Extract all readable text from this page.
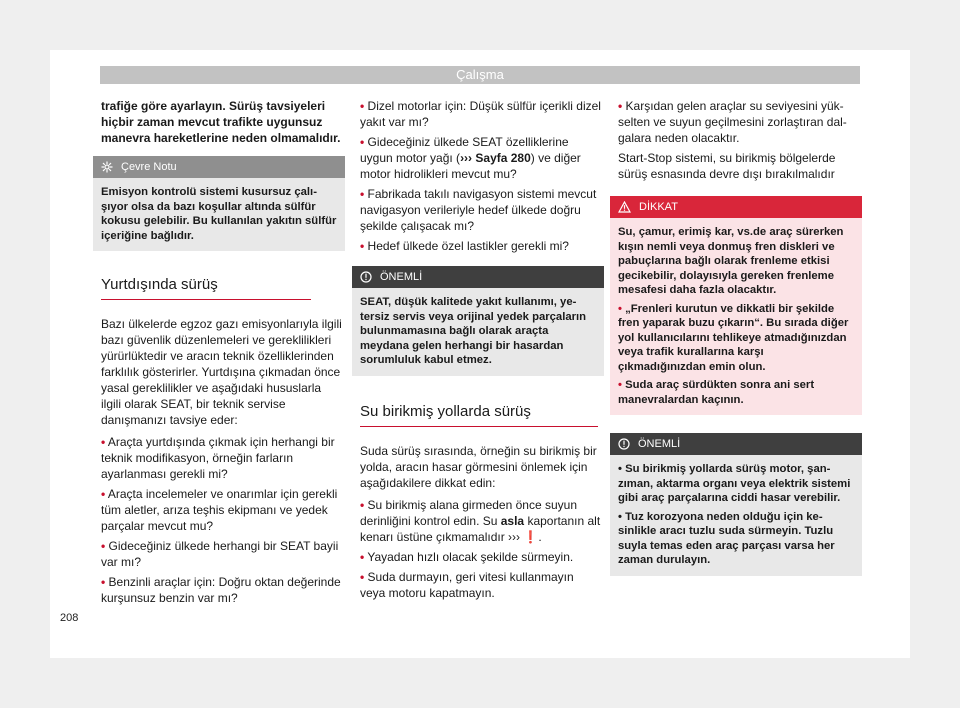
Çalışma

trafiğe göre ayarlayın. Sürüş tavsiyeleri hiçbir zaman mevcut trafikte uygunsuz manevra hareketlerine neden olmamalıdır.

Çevre Notu
Emisyon kontrolü sistemi kusursuz çalışıyor olsa da bazı koşullar altında sülfür kokusu gelebilir. Bu kullanılan yakıtın sülfür içeriğine bağlıdır.
Yurtdışında sürüş

Bazı ülkelerde egzoz gazı emisyonlarıyla ilgili bazı güvenlik düzenlemeleri ve gereklilikleri yürürlüktedir ve aracın teknik özelliklerinden farklılık gösterirler. Yurtdışına çıkmadan önce yasal gereklilikler ve aşağıdaki hususlarla ilgili olarak SEAT, bir teknik servise danışmanızı tavsiye eder:

• Araçta yurtdışında çıkmak için herhangi bir teknik modifikasyon, örneğin farların ayarlanması gerekli mi?

• Araçta incelemeler ve onarımlar için gerekli tüm aletler, arıza teşhis ekipmanı ve yedek parçalar mevcut mu?

• Gideceğiniz ülkede herhangi bir SEAT bayii var mı?

• Benzinli araçlar için: Doğru oktan değerinde kurşunsuz benzin var mı?

• Dizel motorlar için: Düşük sülfür içerikli dizel yakıt var mı?

• Gideceğiniz ülkede SEAT özelliklerine uygun motor yağı (››› Sayfa 280) ve diğer motor hidrolikleri mevcut mu?

• Fabrikada takılı navigasyon sistemi mevcut navigasyon verileriyle hedef ülkede doğru şekilde çalışacak mı?

• Hedef ülkede özel lastikler gerekli mi?

ÖNEMLİ
SEAT, düşük kalitede yakıt kullanımı, yetersiz servis veya orijinal yedek parçaların bulunmamasına bağlı olarak araçta meydana gelen herhangi bir hasardan sorumluluk kabul etmez.
Su birikmiş yollarda sürüş

Suda sürüş sırasında, örneğin su birikmiş bir yolda, aracın hasar görmesini önlemek için aşağıdakilere dikkat edin:

• Su birikmiş alana girmeden önce suyun derinliğini kontrol edin. Su asla kaportanın alt kenarı üstüne çıkmamalıdır ››› ❗.

• Yayadan hızlı olacak şekilde sürmeyin.

• Suda durmayın, geri vitesi kullanmayın veya motoru kapatmayın.

• Karşıdan gelen araçlar su seviyesini yükselten ve suyun geçilmesini zorlaştıran dalgalara neden olacaktır.

Start-Stop sistemi, su birikmiş bölgelerde sürüş esnasında devre dışı bırakılmalıdır

DİKKAT

Su, çamur, erimiş kar, vs.de araç sürerken kışın nemli veya donmuş fren diskleri ve pabuçlarına bağlı olarak frenleme etkisi gecikebilir, dolayısıyla gereken frenleme mesafesi daha fazla olacaktır.

• „Frenleri kurutun ve dikkatli bir şekilde fren yaparak buzu çıkarın“. Bu sırada diğer yol kullanıcılarını tehlikeye atmadığınızdan veya trafik kurallarına karşı çıkmadığınızdan emin olun.

• Suda araç sürdükten sonra ani sert manevralardan kaçının.

ÖNEMLİ

• Su birikmiş yollarda sürüş motor, şanzıman, aktarma organı veya elektrik sistemi gibi araç parçalarına ciddi hasar verebilir.

• Tuz korozyona neden olduğu için kesinlikle aracı tuzlu suda sürmeyin. Tuzlu suyla temas eden araç parçası varsa her zaman durulayın.

208
